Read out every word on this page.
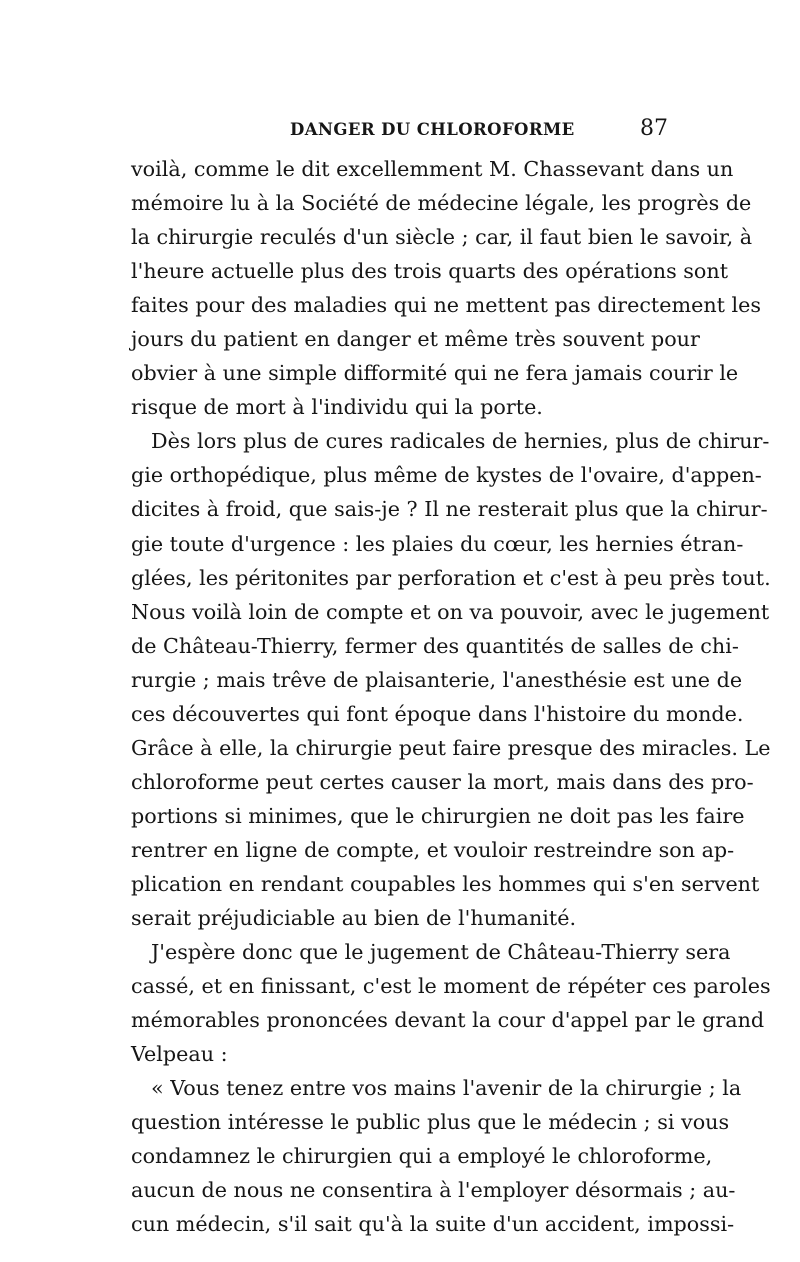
DANGER DU CHLOROFORME	87
voilà, comme le dit excellemment M. Chassevant dans un
mémoire lu à la Société de médecine légale, les progrès de
la chirurgie reculés d'un siècle ; car, il faut bien le savoir, à
l'heure actuelle plus des trois quarts des opérations sont
faites pour des maladies qui ne mettent pas directement les
jours du patient en danger et même très souvent pour
obvier à une simple difformité qui ne fera jamais courir le
risque de mort à l'individu qui la porte.
Dès lors plus de cures radicales de hernies, plus de chirur-
gie orthopédique, plus même de kystes de l'ovaire, d'appen-
dicites à froid, que sais-je ? Il ne resterait plus que la chirur-
gie toute d'urgence : les plaies du cœur, les hernies étran-
glées, les péritonites par perforation et c'est à peu près tout.
Nous voilà loin de compte et on va pouvoir, avec le jugement
de Château-Thierry, fermer des quantités de salles de chi-
rurgie ; mais trêve de plaisanterie, l'anesthésie est une de
ces découvertes qui font époque dans l'histoire du monde.
Grâce à elle, la chirurgie peut faire presque des miracles. Le
chloroforme peut certes causer la mort, mais dans des pro-
portions si minimes, que le chirurgien ne doit pas les faire
rentrer en ligne de compte, et vouloir restreindre son ap-
plication en rendant coupables les hommes qui s'en servent
serait préjudiciable au bien de l'humanité.
J'espère donc que le jugement de Château-Thierry sera
cassé, et en finissant, c'est le moment de répéter ces paroles
mémorables prononcées devant la cour d'appel par le grand
Velpeau :
« Vous tenez entre vos mains l'avenir de la chirurgie ; la
question intéresse le public plus que le médecin ; si vous
condamnez le chirurgien qui a employé le chloroforme,
aucun de nous ne consentira à l'employer désormais ; au-
cun médecin, s'il sait qu'à la suite d'un accident, impossi-
